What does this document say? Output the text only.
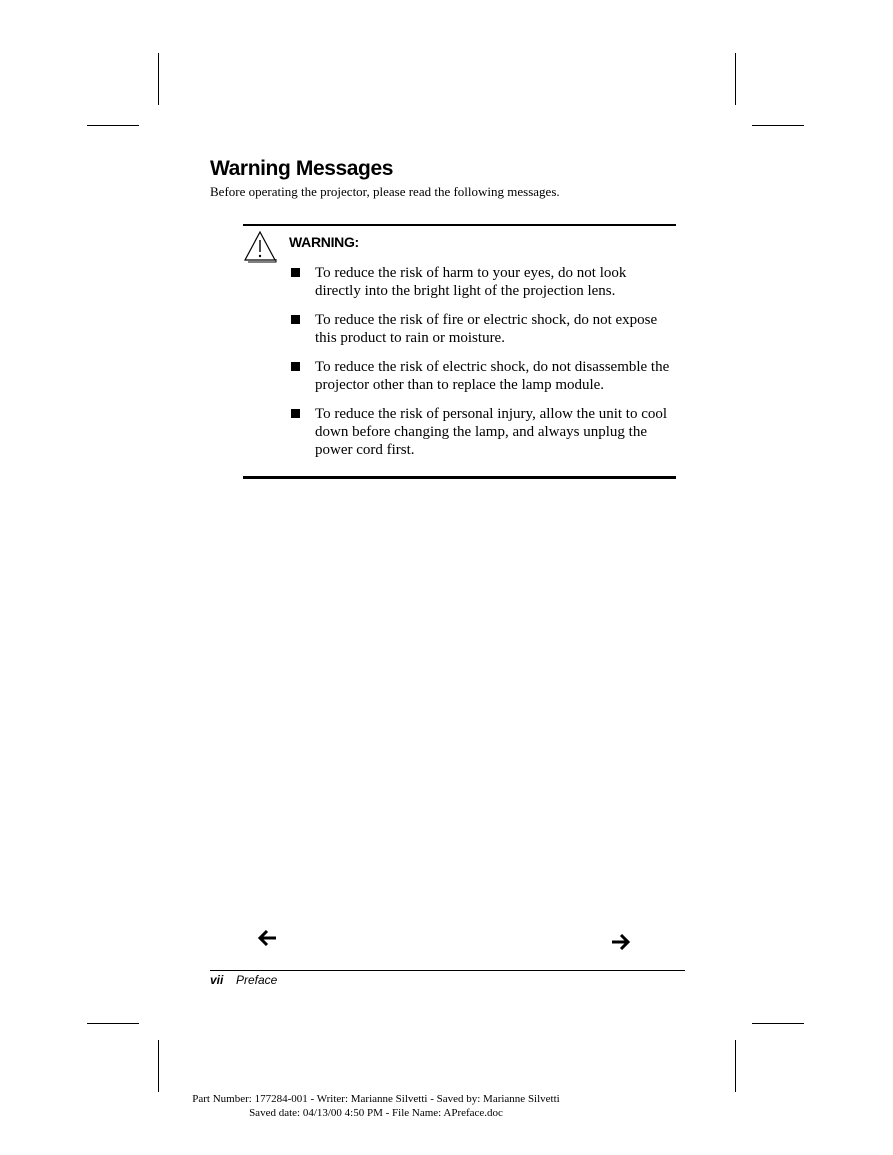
Warning Messages

Before operating the projector, please read the following messages.

WARNING:
To reduce the risk of harm to your eyes, do not look directly into the bright light of the projection lens.
To reduce the risk of fire or electric shock, do not expose this product to rain or moisture.
To reduce the risk of electric shock, do not disassemble the projector other than to replace the lamp module.
To reduce the risk of personal injury, allow the unit to cool down before changing the lamp, and always unplug the power cord first.
vii Preface
Part Number: 177284-001 - Writer: Marianne Silvetti - Saved by: Marianne Silvetti
Saved date: 04/13/00 4:50 PM - File Name: APreface.doc
